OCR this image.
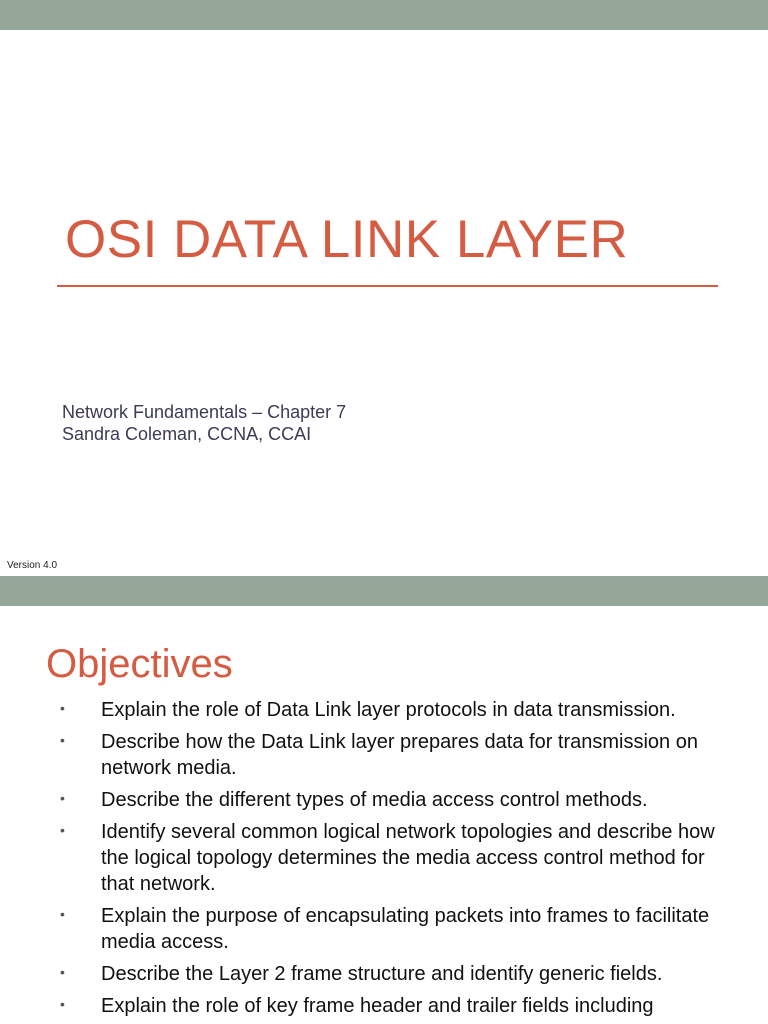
OSI DATA LINK LAYER
Network Fundamentals – Chapter 7
Sandra Coleman, CCNA, CCAI
Version 4.0
Objectives
• Explain the role of Data Link layer protocols in data transmission.
• Describe how the Data Link layer prepares data for transmission on network media.
• Describe the different types of media access control methods.
• Identify several common logical network topologies and describe how the logical topology determines the media access control method for that network.
• Explain the purpose of encapsulating packets into frames to facilitate media access.
• Describe the Layer 2 frame structure and identify generic fields.
• Explain the role of key frame header and trailer fields including
